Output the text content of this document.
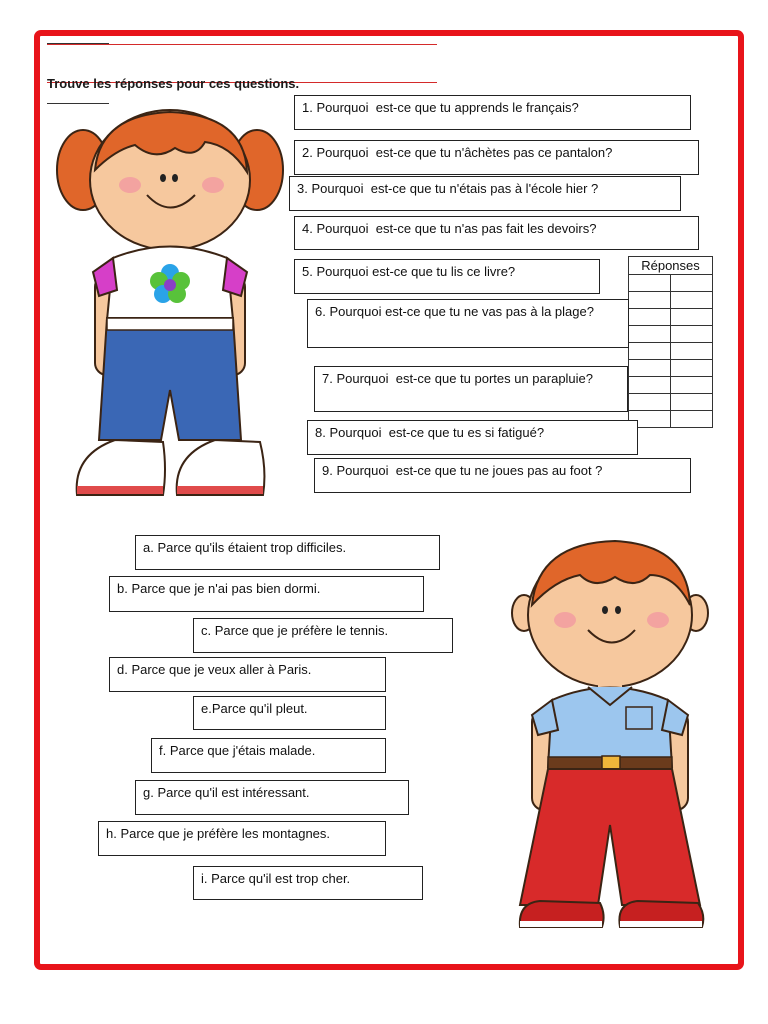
Trouve les réponses pour ces questions.
1. Pourquoi  est-ce que tu apprends le français?
2. Pourquoi  est-ce que tu n'âchètes pas ce pantalon?
3. Pourquoi  est-ce que tu n'étais pas à l'école hier ?
4. Pourquoi  est-ce que tu n'as pas fait les devoirs?
5. Pourquoi est-ce que tu lis ce livre?	Réponses	

6. Pourquoi est-ce que tu ne vas pas à la plage?
7. Pourquoi  est-ce que tu portes un parapluie?
8. Pourquoi  est-ce que tu es si fatigué?
9. Pourquoi  est-ce que tu ne joues pas au foot ?
a. Parce qu'ils étaient trop difficiles.
b. Parce que je n'ai pas bien dormi.
c. Parce que je préfère le tennis.
d. Parce que je veux aller à Paris.
e.Parce qu'il pleut.
f. Parce que j'étais malade.
g. Parce qu'il est intéressant.
h. Parce que je préfère les montagnes.
i. Parce qu'il est trop cher.
